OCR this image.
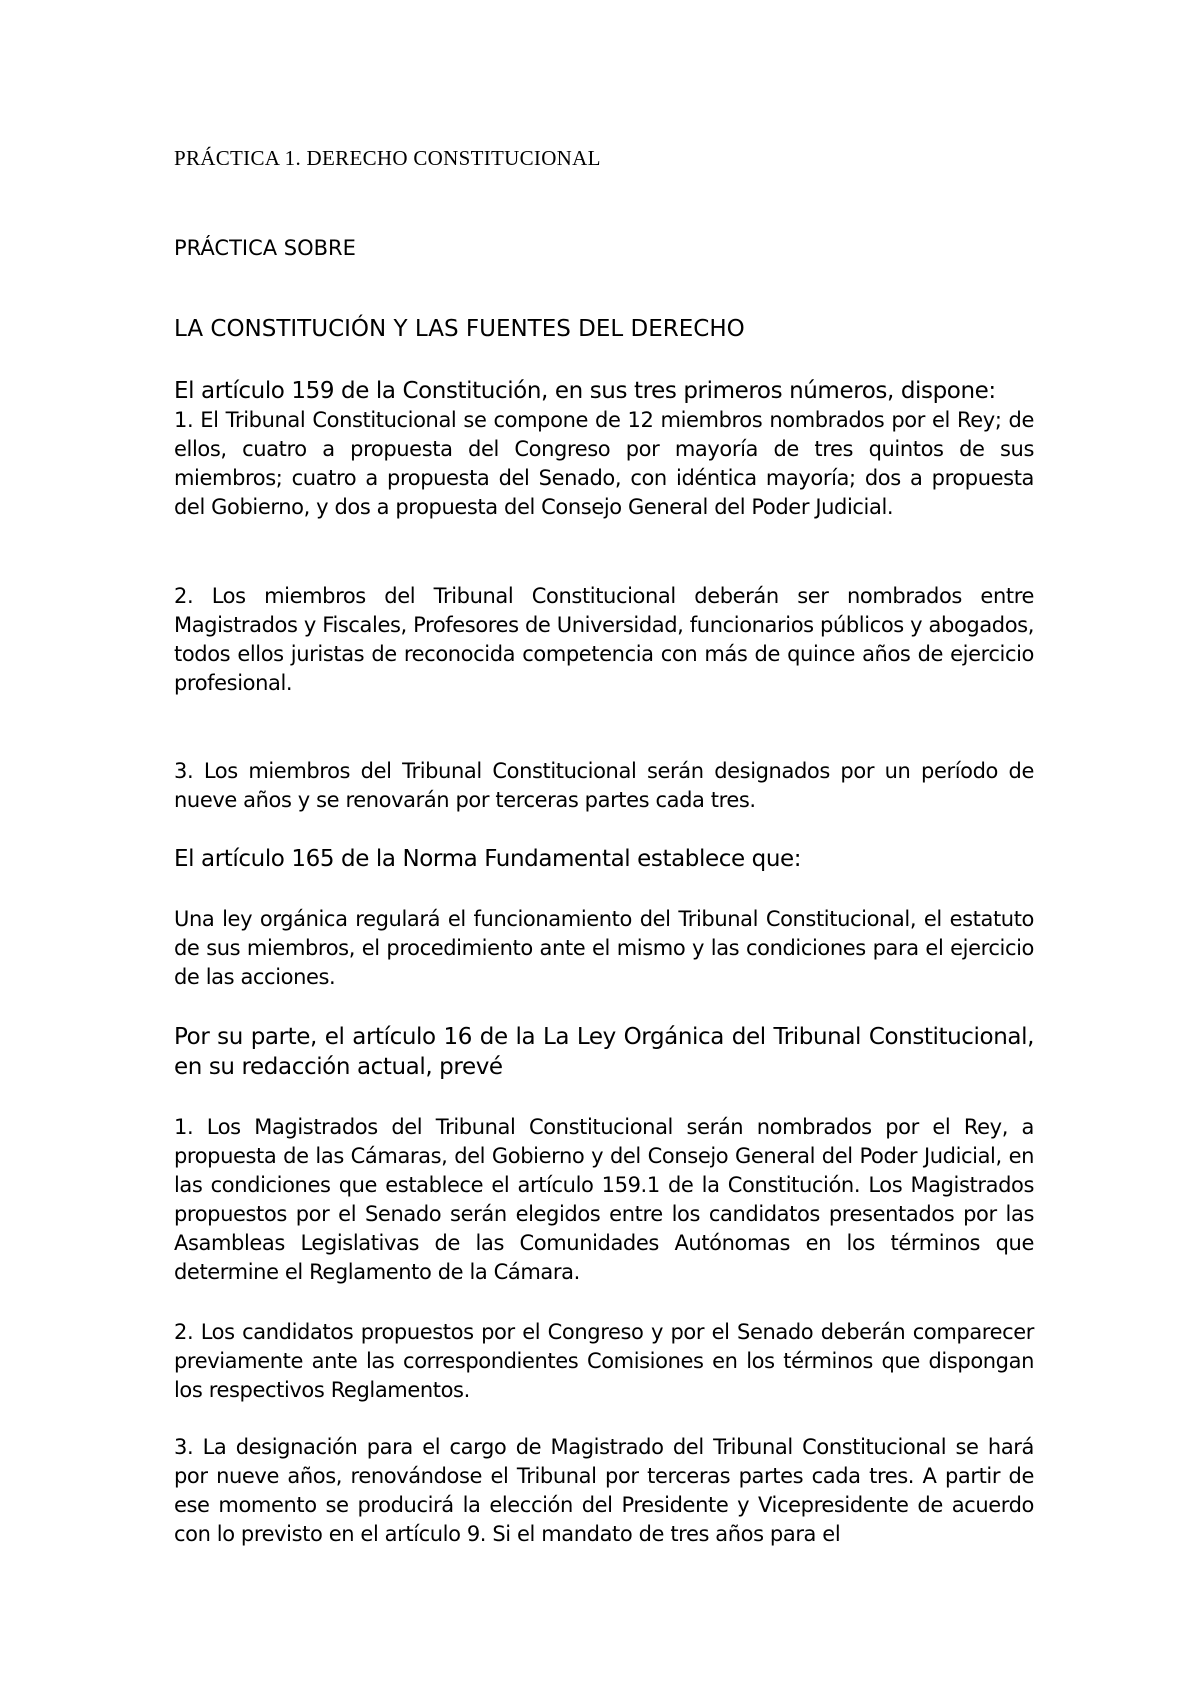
PRÁCTICA 1. DERECHO CONSTITUCIONAL
PRÁCTICA SOBRE
LA CONSTITUCIÓN Y LAS FUENTES DEL DERECHO

El artículo 159 de la Constitución, en sus tres primeros números, dispone:

1. El Tribunal Constitucional se compone de 12 miembros nombrados por el Rey; de ellos, cuatro a propuesta del Congreso por mayoría de tres quintos de sus miembros; cuatro a propuesta del Senado, con idéntica mayoría; dos a propuesta del Gobierno, y dos a propuesta del Consejo General del Poder Judicial.

2. Los miembros del Tribunal Constitucional deberán ser nombrados entre Magistrados y Fiscales, Profesores de Universidad, funcionarios públicos y abogados, todos ellos juristas de reconocida competencia con más de quince años de ejercicio profesional.

3. Los miembros del Tribunal Constitucional serán designados por un período de nueve años y se renovarán por terceras partes cada tres.

El artículo 165 de la Norma Fundamental establece que:

Una ley orgánica regulará el funcionamiento del Tribunal Constitucional, el estatuto de sus miembros, el procedimiento ante el mismo y las condiciones para el ejercicio de las acciones.

Por su parte, el artículo 16 de la La Ley Orgánica del Tribunal Constitucional, en su redacción actual, prevé

1. Los Magistrados del Tribunal Constitucional serán nombrados por el Rey, a propuesta de las Cámaras, del Gobierno y del Consejo General del Poder Judicial, en las condiciones que establece el artículo 159.1 de la Constitución. Los Magistrados propuestos por el Senado serán elegidos entre los candidatos presentados por las Asambleas Legislativas de las Comunidades Autónomas en los términos que determine el Reglamento de la Cámara.

2. Los candidatos propuestos por el Congreso y por el Senado deberán comparecer previamente ante las correspondientes Comisiones en los términos que dispongan los respectivos Reglamentos.

3. La designación para el cargo de Magistrado del Tribunal Constitucional se hará por nueve años, renovándose el Tribunal por terceras partes cada tres. A partir de ese momento se producirá la elección del Presidente y Vicepresidente de acuerdo con lo previsto en el artículo 9. Si el mandato de tres años para el
